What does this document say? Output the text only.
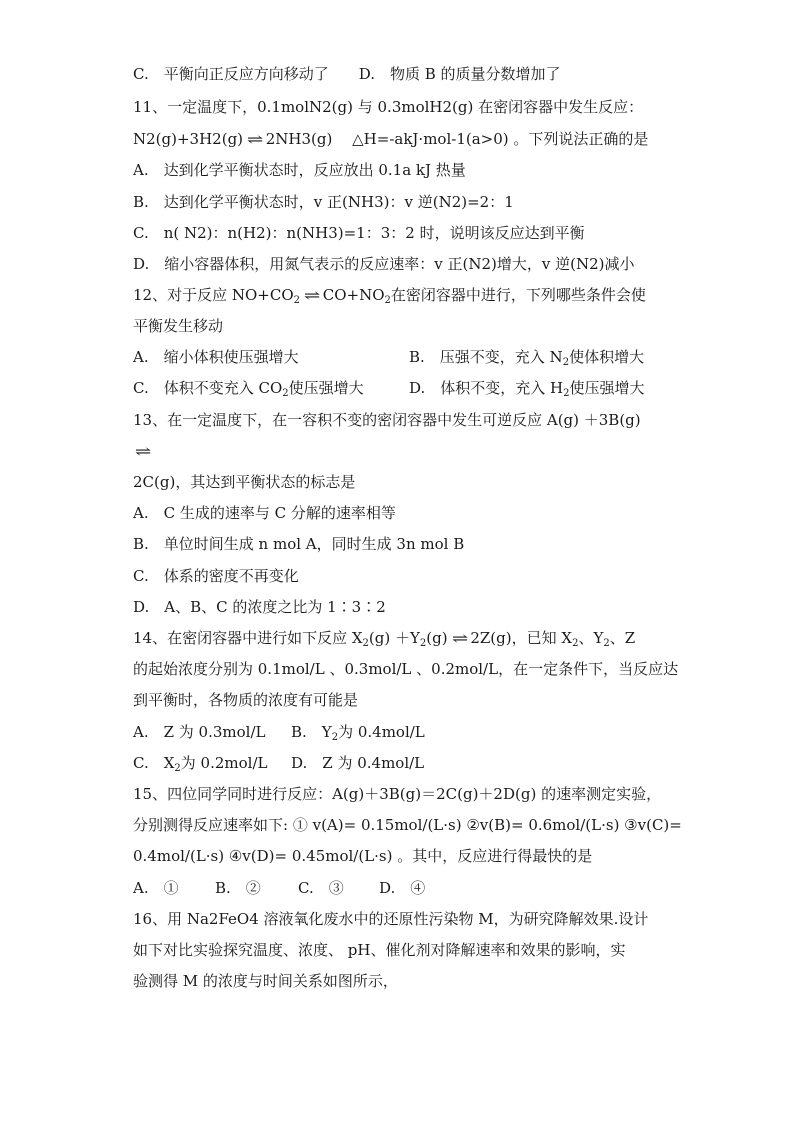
C.　平衡向正反应方向移动了 D.　物质 B 的质量分数增加了
11、一定温度下，0.1molN2(g) 与 0.3molH2(g) 在密闭容器中发生反应：
N2(g)+3H2(g) ⇌ 2NH3(g)　 △H=-akJ·mol-1(a>0) 。下列说法正确的是
A.　达到化学平衡状态时，反应放出 0.1a kJ 热量
B.　达到化学平衡状态时，v 正(NH3)：v 逆(N2)=2：1
C.　n( N2)：n(H2)：n(NH3)=1：3：2 时，说明该反应达到平衡
D.　缩小容器体积，用氮气表示的反应速率：v 正(N2)增大，v 逆(N2)减小
12、对于反应 $NO+CO_2$ ⇌ $CO+NO_2$在密闭容器中进行，下列哪些条件会使
平衡发生移动
A.　缩小体积使压强增大	B.　压强不变，充入 $N_2$使体积增大
C.　体积不变充入 $CO_2$使压强增大	D.　体积不变，充入 $H_2$使压强增大
13、在一定温度下，在一容积不变的密闭容器中发生可逆反应 A(g) ＋3B(g)
⇌
2C(g)，其达到平衡状态的标志是
A.　C 生成的速率与 C 分解的速率相等
B.　单位时间生成 n mol A，同时生成 3n mol B
C.　体系的密度不再变化
D.　A、B、C 的浓度之比为 1∶3∶2
14、在密闭容器中进行如下反应 $X_2(g) +Y_2(g)$ ⇌ 2Z(g)，已知 $X_2$、$Y_2$、Z
的起始浓度分别为 0.1mol/L 、0.3mol/L 、0.2mol/L，在一定条件下，当反应达
到平衡时，各物质的浓度有可能是
A.　Z 为 0.3mol/L B.　$Y_2$为 0.4mol/L
C.　$X_2$为 0.2mol/L D.　Z 为 0.4mol/L
15、四位同学同时进行反应：A(g)＋3B(g)＝2C(g)＋2D(g) 的速率测定实验，
分别测得反应速率如下: ① v(A)= 0.15mol/(L·s) ②v(B)= 0.6mol/(L·s) ③v(C)=
0.4mol/(L·s) ④v(D)= 0.45mol/(L·s) 。其中，反应进行得最快的是
A.　① B.　② C.　③ D.　④
16、用 Na2FeO4 溶液氧化废水中的还原性污染物 M，为研究降解效果.设计
如下对比实验探究温度、浓度、 pH、催化剂对降解速率和效果的影响，实
验测得 M 的浓度与时间关系如图所示，
